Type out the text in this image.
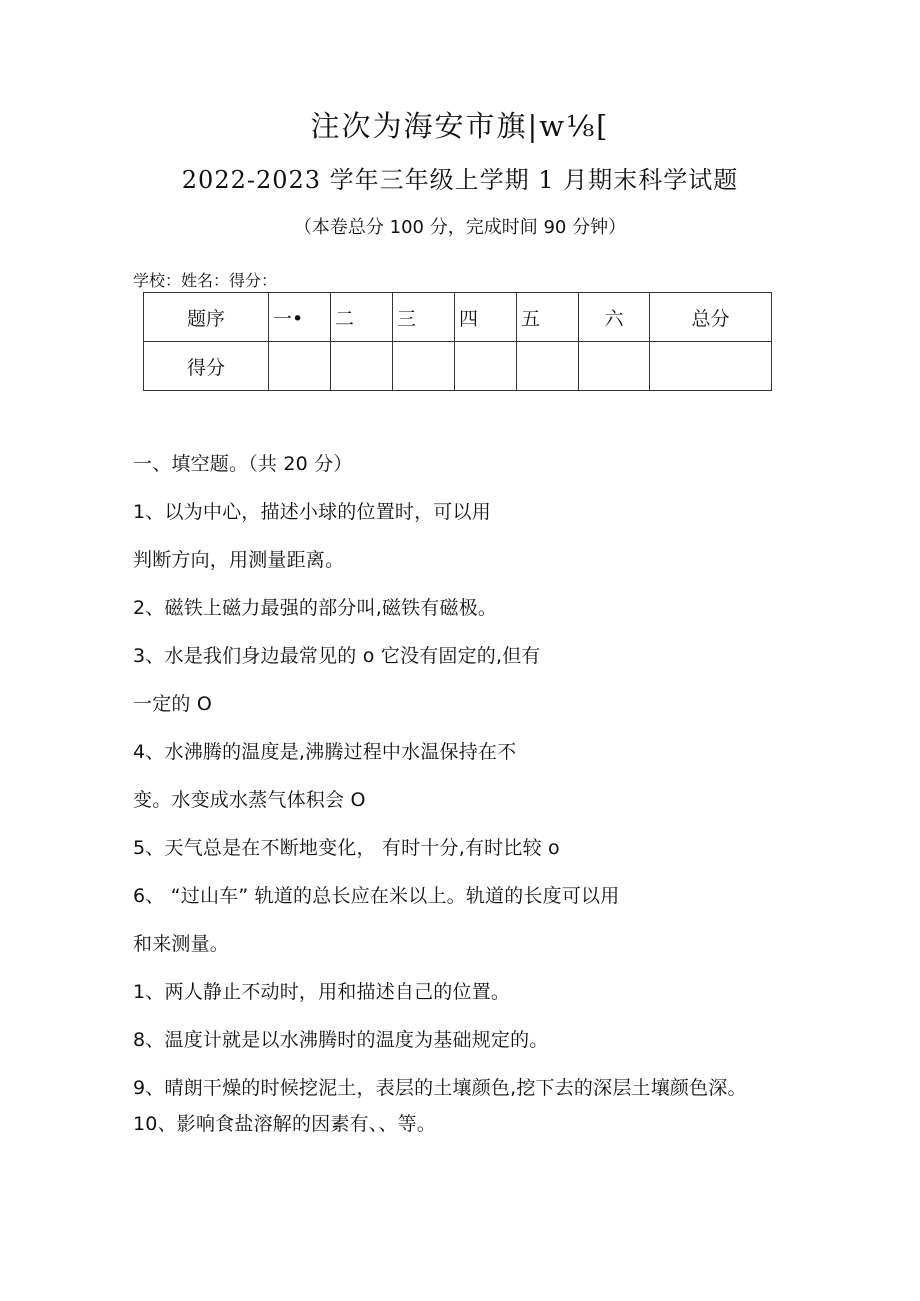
注次为海安市旗|w⅛[
2022-2023 学年三年级上学期 1 月期末科学试题
（本卷总分 100 分，完成时间 90 分钟）
学校：姓名：得分：
题序	一•	二	三	四	五	六	总分
得分							
一、填空题。（共 20 分）
1、以为中心，描述小球的位置时，可以用
判断方向，用测量距离。
2、磁铁上磁力最强的部分叫,磁铁有磁极。
3、水是我们身边最常见的 o 它没有固定的,但有
一定的 O
4、水沸腾的温度是,沸腾过程中水温保持在不
变。水变成水蒸气体积会 O
5、天气总是在不断地变化， 有时十分,有时比较 o
6、 “过山车” 轨道的总长应在米以上。轨道的长度可以用
和来测量。
1、两人静止不动时，用和描述自己的位置。
8、温度计就是以水沸腾时的温度为基础规定的。
9、晴朗干燥的时候挖泥土，表层的土壤颜色,挖下去的深层土壤颜色深。
10、影响食盐溶解的因素有、、等。
